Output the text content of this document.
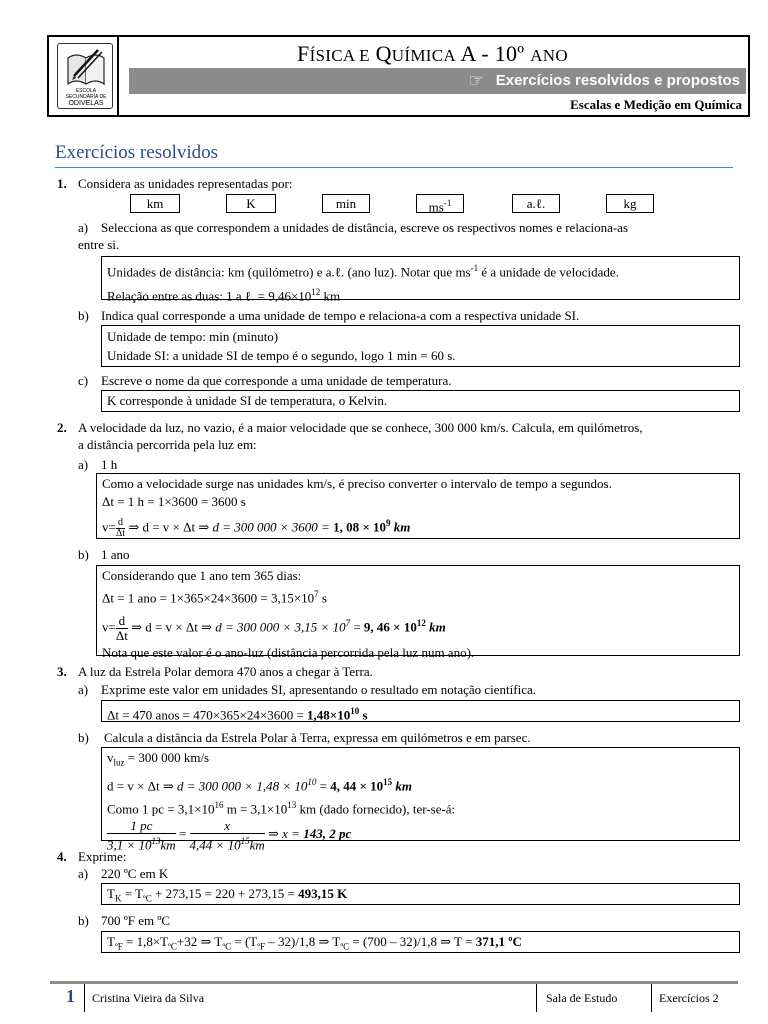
ESCOLA SECUNDÁRIA DE
ODIVELAS
FÍSICA E QUÍMICA A - 10º ANO
☞ Exercícios resolvidos e propostos
Escalas e Medição em Química
Exercícios resolvidos
1. Considera as unidades representadas por:
km	K	min	$ms^{-1}$	a.ℓ.	kg
a) Selecciona as que correspondem a unidades de distância, escreve os respectivos nomes e relaciona-as
entre si.
Unidades de distância: km (quilómetro) e a.ℓ. (ano luz). Notar que $ms^{-1}$ é a unidade de velocidade.
Relação entre as duas: 1 a.ℓ. = $9,46\times 10^{12}$ km
b) Indica qual corresponde a uma unidade de tempo e relaciona-a com a respectiva unidade SI.
Unidade de tempo: min (minuto)
Unidade SI: a unidade SI de tempo é o segundo, logo 1 min = 60 s.
c) Escreve o nome da que corresponde a uma unidade de temperatura.
K corresponde à unidade SI de temperatura, o Kelvin.
2. A velocidade da luz, no vazio, é a maior velocidade que se conhece, 300 000 km/s. Calcula, em quilómetros,
a distância percorrida pela luz em:
a) 1 h
Como a velocidade surge nas unidades km/s, é preciso converter o intervalo de tempo a segundos.
Δt = 1 h = 1×3600 = 3600 s
$v= \frac{d}{\Delta t}$ ⇒ d = v × Δt ⇒ d = 300 000 × 3600 = 1, $08 \times 10^9$ km
b) 1 ano
Considerando que 1 ano tem 365 dias:
Δt = 1 ano = $1\times 365\times 24\times 3600 = 3,15\times 10^7$ s
$v= \frac{d}{\Delta t}$ ⇒ d = v × Δt ⇒ d = 300 $000 \times 3,15 \times 10^7 = 9$, $46 \times 10^{12}$ km
Nota que este valor é o ano-luz (distância percorrida pela luz num ano).
3. A luz da Estrela Polar demora 470 anos a chegar à Terra.
a) Exprime este valor em unidades SI, apresentando o resultado em notação científica.
Δt = 470 anos = $470\times 365\times 24\times 3600 = 1,48\times 10^{10}$ s
b) Calcula a distância da Estrela Polar à Terra, expressa em quilómetros e em parsec.
$v_{luz} = 300$ 000 km/s
d = v × Δt ⇒ d = 300 $000 \times 1,48 \times 10^{10} = 4$, $44 \times 10^{15}$ km
Como 1 pc = $3,1\times 10^{16}$ $m = 3,1\times 10^{13}$ km (dado fornecido), ter-se-á:
$\frac{1 pc}{3,1 \times 10^{13}km} = \frac{x}{4,44 \times 10^{15}km}$ ⇒ x = 143, 2 pc
4. Exprime:
a) 220 ºC em K
$T_K = T_{ºC} + 273,15 = 220 + 273,15 = 493,15$ K
b) 700 ºF em ºC
$T_{ºF} = 1,8\times T_{ºC}+32$ ⇒ $T_{ºC} = (T_{ºF} - 32)/1,8$ ⇒ $T_{ºC} = (700 - 32)/1,8$ ⇒ T = 371,1 ºC
1 Cristina Vieira da Silva	Sala de Estudo	Exercícios 2
